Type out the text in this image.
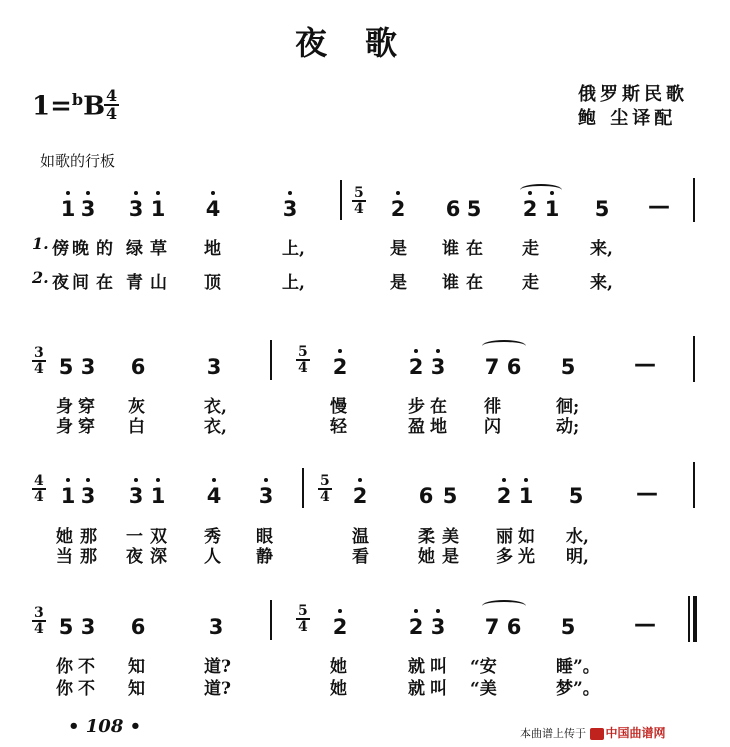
夜歌
1=$^b$B 4
4
俄罗斯民歌
鲍 尘译配
如歌的行板
1 3 3 1 4	3
5
4 2 6 5 2 1 5 —
1. 傍 晚 的 绿 草 地	上,	是 谁 在 走	来,
2. 夜 间 在 青 山 顶	上,	是 谁 在 走	来,
3
4 5 3 6	3
5
4 2	2 3 7 6 5	—
身 穿 灰	衣,	慢	步 在 徘	徊;
身 穿 白	衣,	轻	盈 地 闪	动;
4
4 1 3 3 1 4 3
5
4 2 6 5 2 1 5 —
她 那 一 双 秀 眼	温	柔 美 丽 如 水,
当 那 夜 深 人 静	看	她 是 多 光 明,
3
4 5 3 6	3
5
4 2	2 3 7 6 5	—
你 不 知	道?	她	就 叫 “安	睡”。
你 不 知	道?	她	就 叫 “美	梦”。
• 108 •	本曲谱上传于 中国曲谱网
